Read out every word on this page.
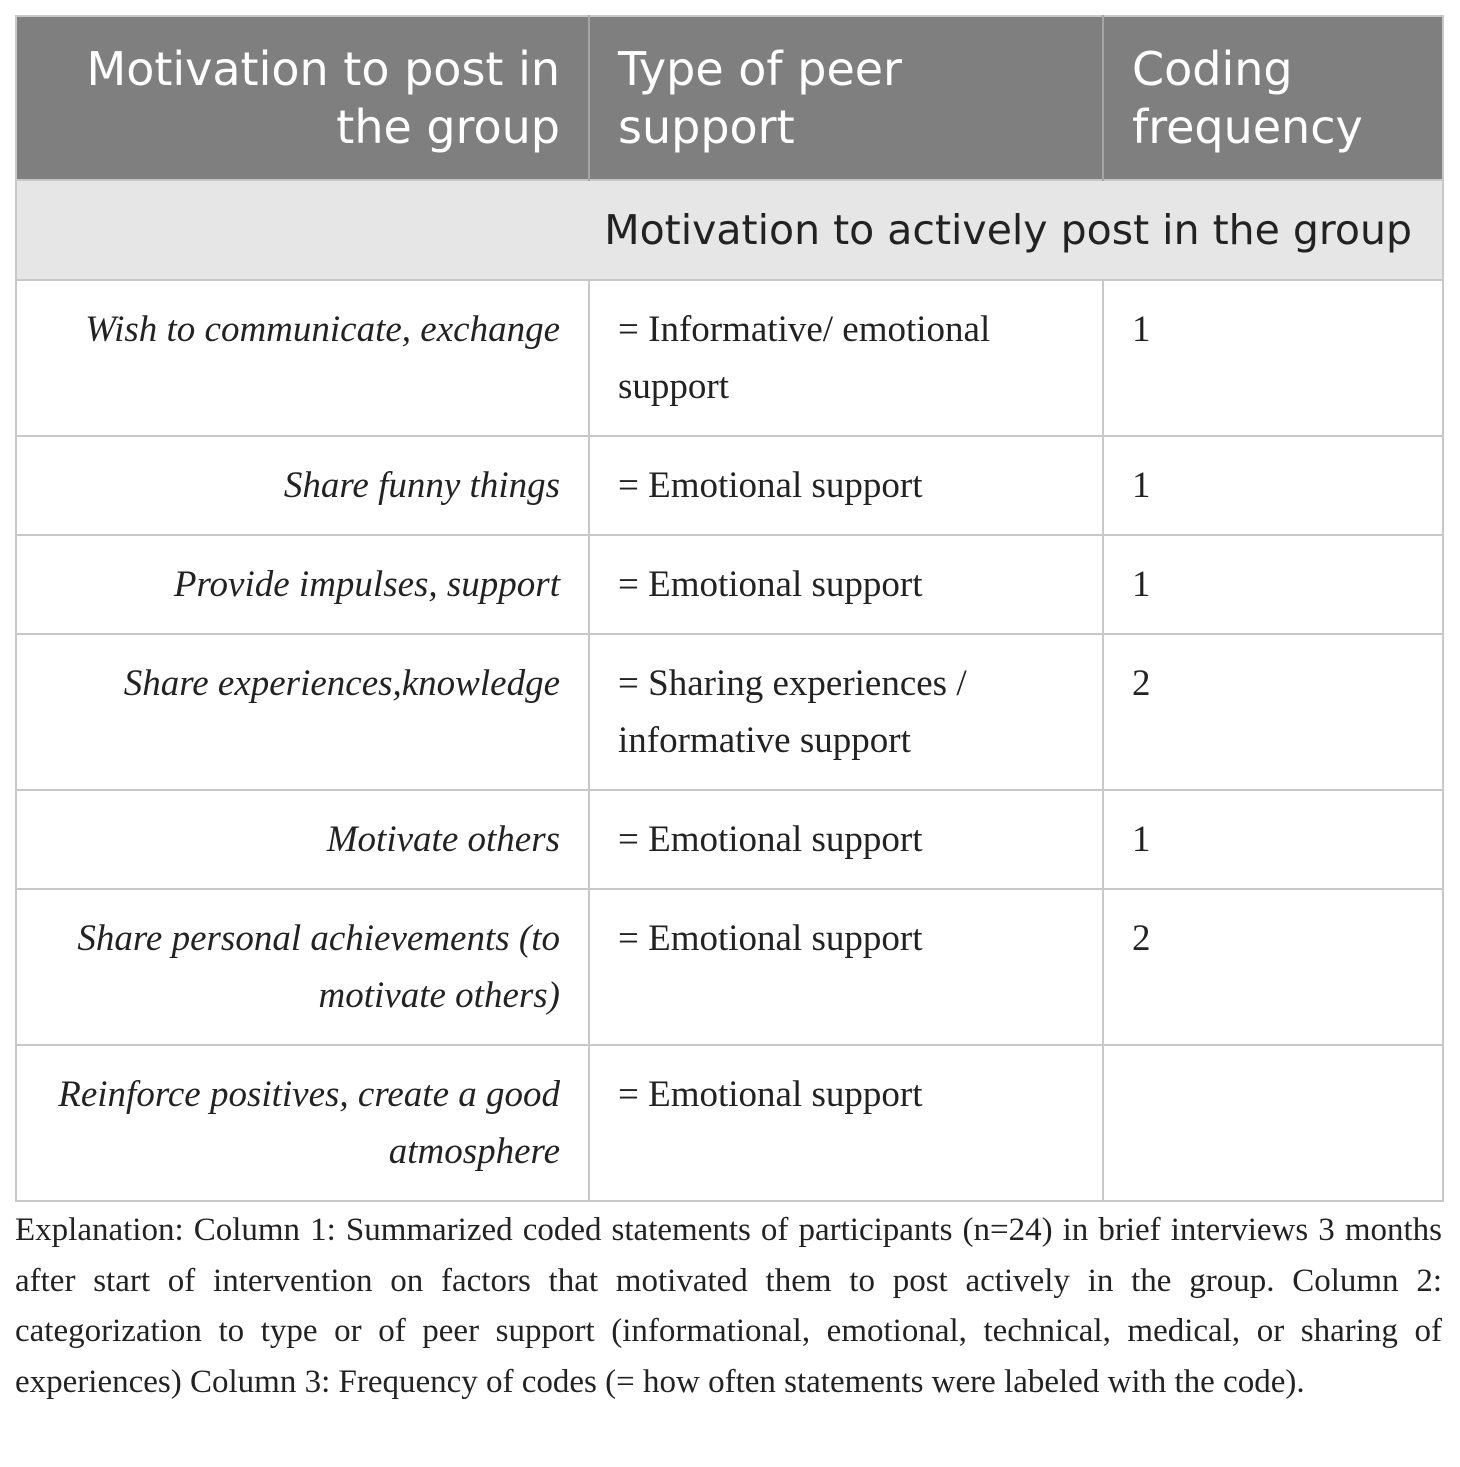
Motivation to post in the group	Type of peer support	Coding frequency
Motivation to actively post in the group		
Wish to communicate, exchange	= Informative/ emotional support	1
Share funny things	= Emotional support	1
Provide impulses, support	= Emotional support	1
Share experiences,knowledge	= Sharing experiences / informative support	2
Motivate others	= Emotional support	1
Share personal achievements (to motivate others)	= Emotional support	2
Reinforce positives, create a good atmosphere	= Emotional support	
Explanation: Column 1: Summarized coded statements of participants (n=24) in brief interviews 3 months after start of intervention on factors that motivated them to post actively in the group. Column 2: categorization to type or of peer support (informational, emotional, technical, medical, or sharing of experiences) Column 3: Frequency of codes (= how often statements were labeled with the code).
